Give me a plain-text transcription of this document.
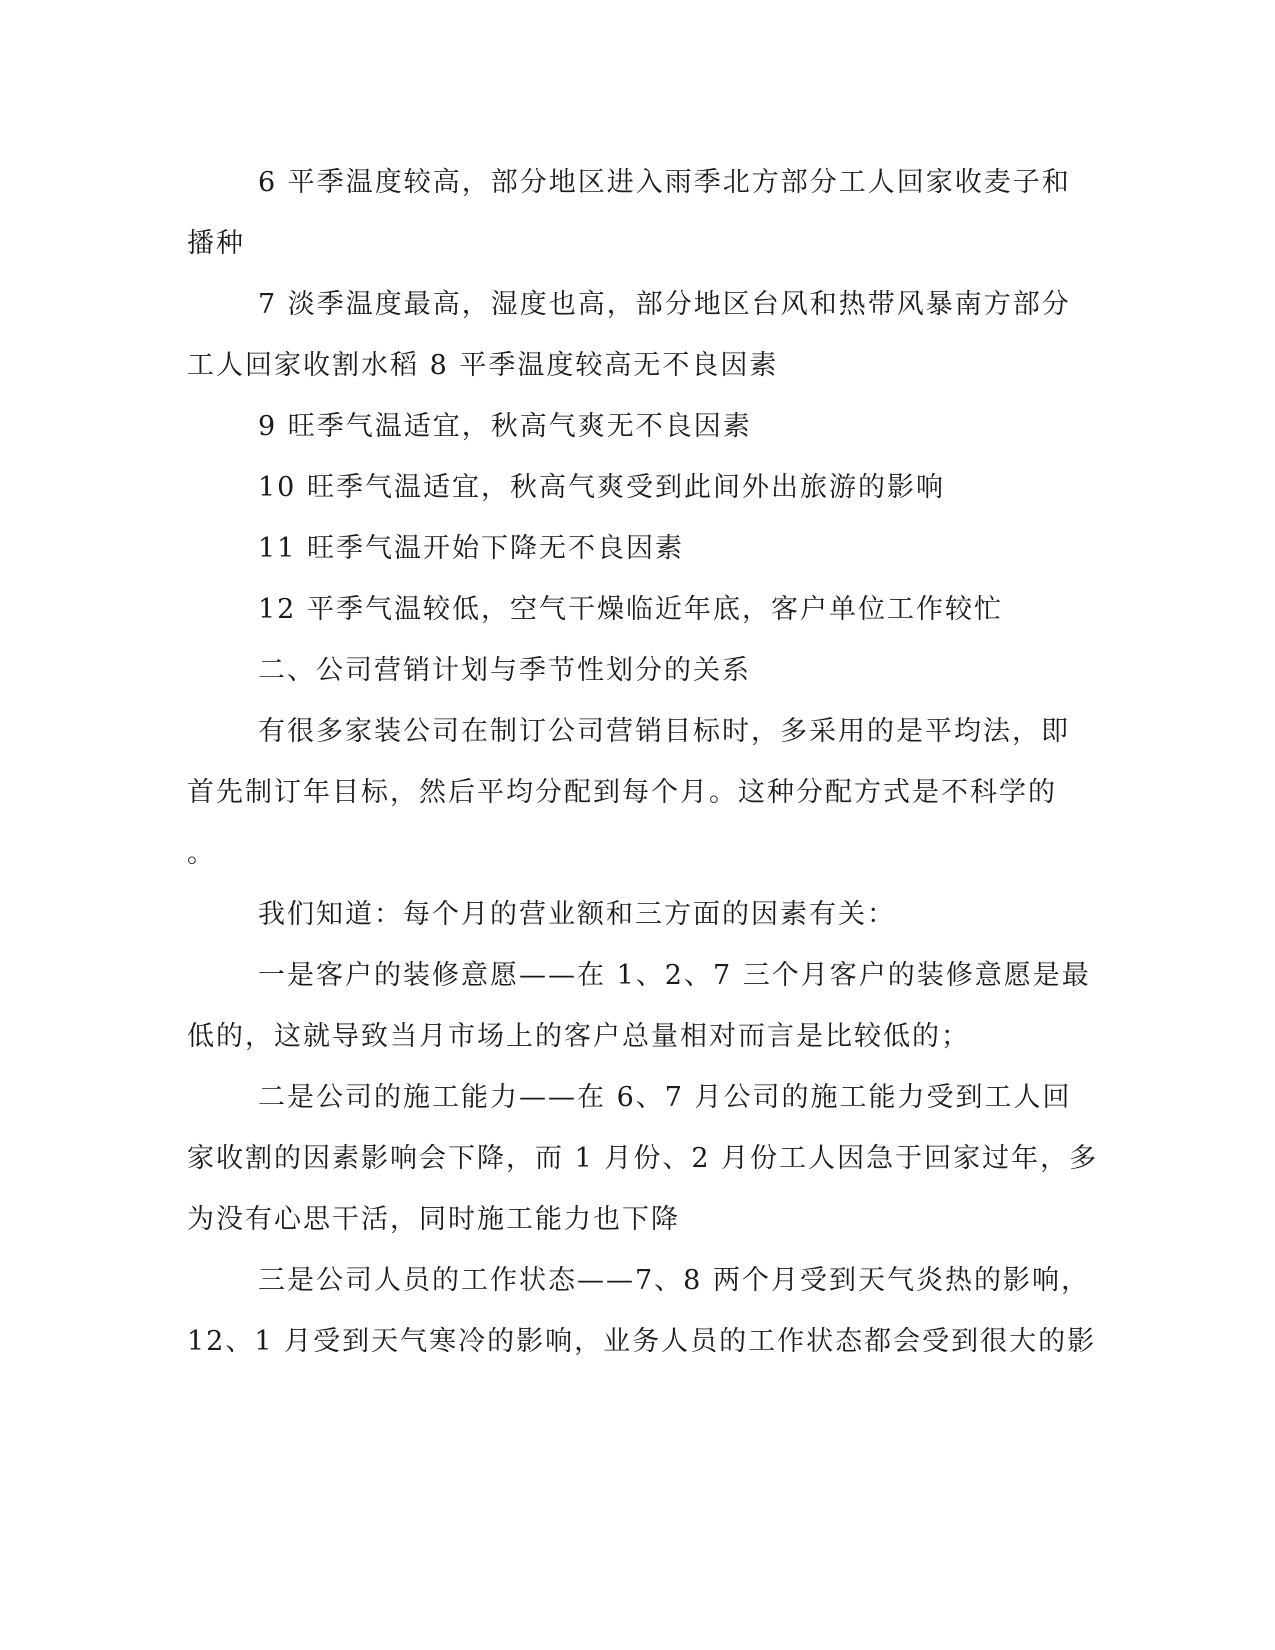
6 平季温度较高，部分地区进入雨季北方部分工人回家收麦子和
播种

7 淡季温度最高，湿度也高，部分地区台风和热带风暴南方部分
工人回家收割水稻 8 平季温度较高无不良因素

9 旺季气温适宜，秋高气爽无不良因素

10 旺季气温适宜，秋高气爽受到此间外出旅游的影响

11 旺季气温开始下降无不良因素

12 平季气温较低，空气干燥临近年底，客户单位工作较忙

二、公司营销计划与季节性划分的关系

有很多家装公司在制订公司营销目标时，多采用的是平均法，即
首先制订年目标，然后平均分配到每个月。这种分配方式是不科学的
。

我们知道：每个月的营业额和三方面的因素有关：

一是客户的装修意愿——在 1、2、7 三个月客户的装修意愿是最
低的，这就导致当月市场上的客户总量相对而言是比较低的；

二是公司的施工能力——在 6、7 月公司的施工能力受到工人回
家收割的因素影响会下降，而 1 月份、2 月份工人因急于回家过年，多
为没有心思干活，同时施工能力也下降

三是公司人员的工作状态——7、8 两个月受到天气炎热的影响，
12、1 月受到天气寒冷的影响，业务人员的工作状态都会受到很大的影
